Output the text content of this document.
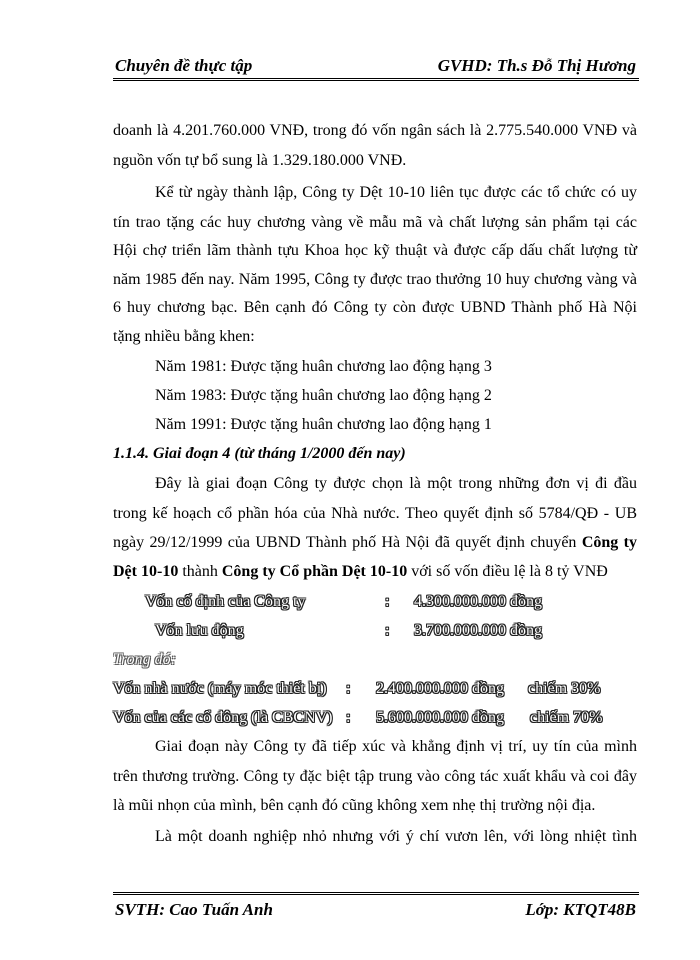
Chuyên đề thực tập	GVHD: Th.s Đỗ Thị Hương
doanh là 4.201.760.000 VNĐ, trong đó vốn ngân sách là 2.775.540.000 VNĐ và
nguồn vốn tự bổ sung là 1.329.180.000 VNĐ.
Kể từ ngày thành lập, Công ty Dệt 10-10 liên tục được các tổ chức có uy
tín trao tặng các huy chương vàng về mẫu mã và chất lượng sản phẩm tại các
Hội chợ triển lãm thành tựu Khoa học kỹ thuật và được cấp dấu chất lượng từ
năm 1985 đến nay. Năm 1995, Công ty được trao thưởng 10 huy chương vàng và
6 huy chương bạc. Bên cạnh đó Công ty còn được UBND Thành phố Hà Nội
tặng nhiều bằng khen:
Năm 1981: Được tặng huân chương lao động hạng 3
Năm 1983: Được tặng huân chương lao động hạng 2
Năm 1991: Được tặng huân chương lao động hạng 1
1.1.4. Giai đoạn 4 (từ tháng 1/2000 đến nay)
Đây là giai đoạn Công ty được chọn là một trong những đơn vị đi đầu
trong kế hoạch cổ phần hóa của Nhà nước. Theo quyết định số 5784/QĐ - UB
ngày 29/12/1999 của UBND Thành phố Hà Nội đã quyết định chuyển Công ty
Dệt 10-10 thành Công ty Cổ phần Dệt 10-10 với số vốn điều lệ là 8 tỷ VNĐ
Vốn cố định của Công ty	: 4.300.000.000 đồng
Vốn lưu động	: 3.700.000.000 đồng
Trong đó:
Vốn nhà nước (máy móc thiết bị) : 2.400.000.000 đồng chiếm 30%
Vốn của các cổ đông (là CBCNV) : 5.600.000.000 đồng chiếm 70%
Giai đoạn này Công ty đã tiếp xúc và khẳng định vị trí, uy tín của mình
trên thương trường. Công ty đặc biệt tập trung vào công tác xuất khẩu và coi đây
là mũi nhọn của mình, bên cạnh đó cũng không xem nhẹ thị trường nội địa.
Là một doanh nghiệp nhỏ nhưng với ý chí vươn lên, với lòng nhiệt tình
SVTH: Cao Tuấn Anh	Lớp: KTQT48B
